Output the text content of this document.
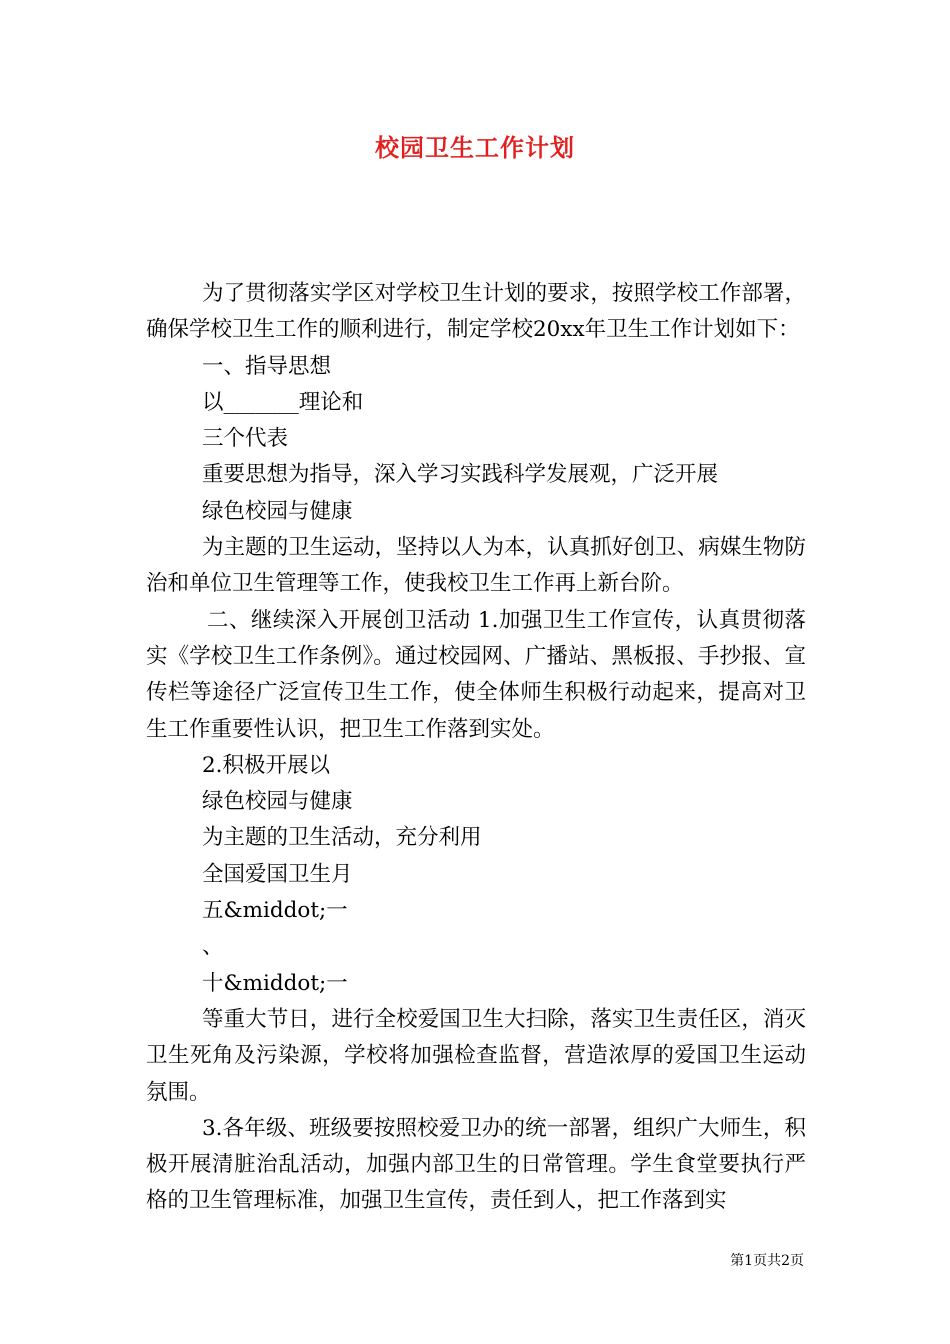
校园卫生工作计划

为了贯彻落实学区对学校卫生计划的要求，按照学校工作部署，确保学校卫生工作的顺利进行，制定学校20xx年卫生工作计划如下：

一、指导思想

以_______理论和

三个代表

重要思想为指导，深入学习实践科学发展观，广泛开展

绿色校园与健康

为主题的卫生运动，坚持以人为本，认真抓好创卫、病媒生物防治和单位卫生管理等工作，使我校卫生工作再上新台阶。

二、继续深入开展创卫活动 1.加强卫生工作宣传，认真贯彻落实《学校卫生工作条例》。通过校园网、广播站、黑板报、手抄报、宣传栏等途径广泛宣传卫生工作，使全体师生积极行动起来，提高对卫生工作重要性认识，把卫生工作落到实处。

2.积极开展以

绿色校园与健康

为主题的卫生活动，充分利用

全国爱国卫生月

五&middot;一

、

十&middot;一

等重大节日，进行全校爱国卫生大扫除，落实卫生责任区，消灭卫生死角及污染源，学校将加强检查监督，营造浓厚的爱国卫生运动氛围。

3.各年级、班级要按照校爱卫办的统一部署，组织广大师生，积极开展清脏治乱活动，加强内部卫生的日常管理。学生食堂要执行严格的卫生管理标准，加强卫生宣传，责任到人，把工作落到实

第1页共2页
